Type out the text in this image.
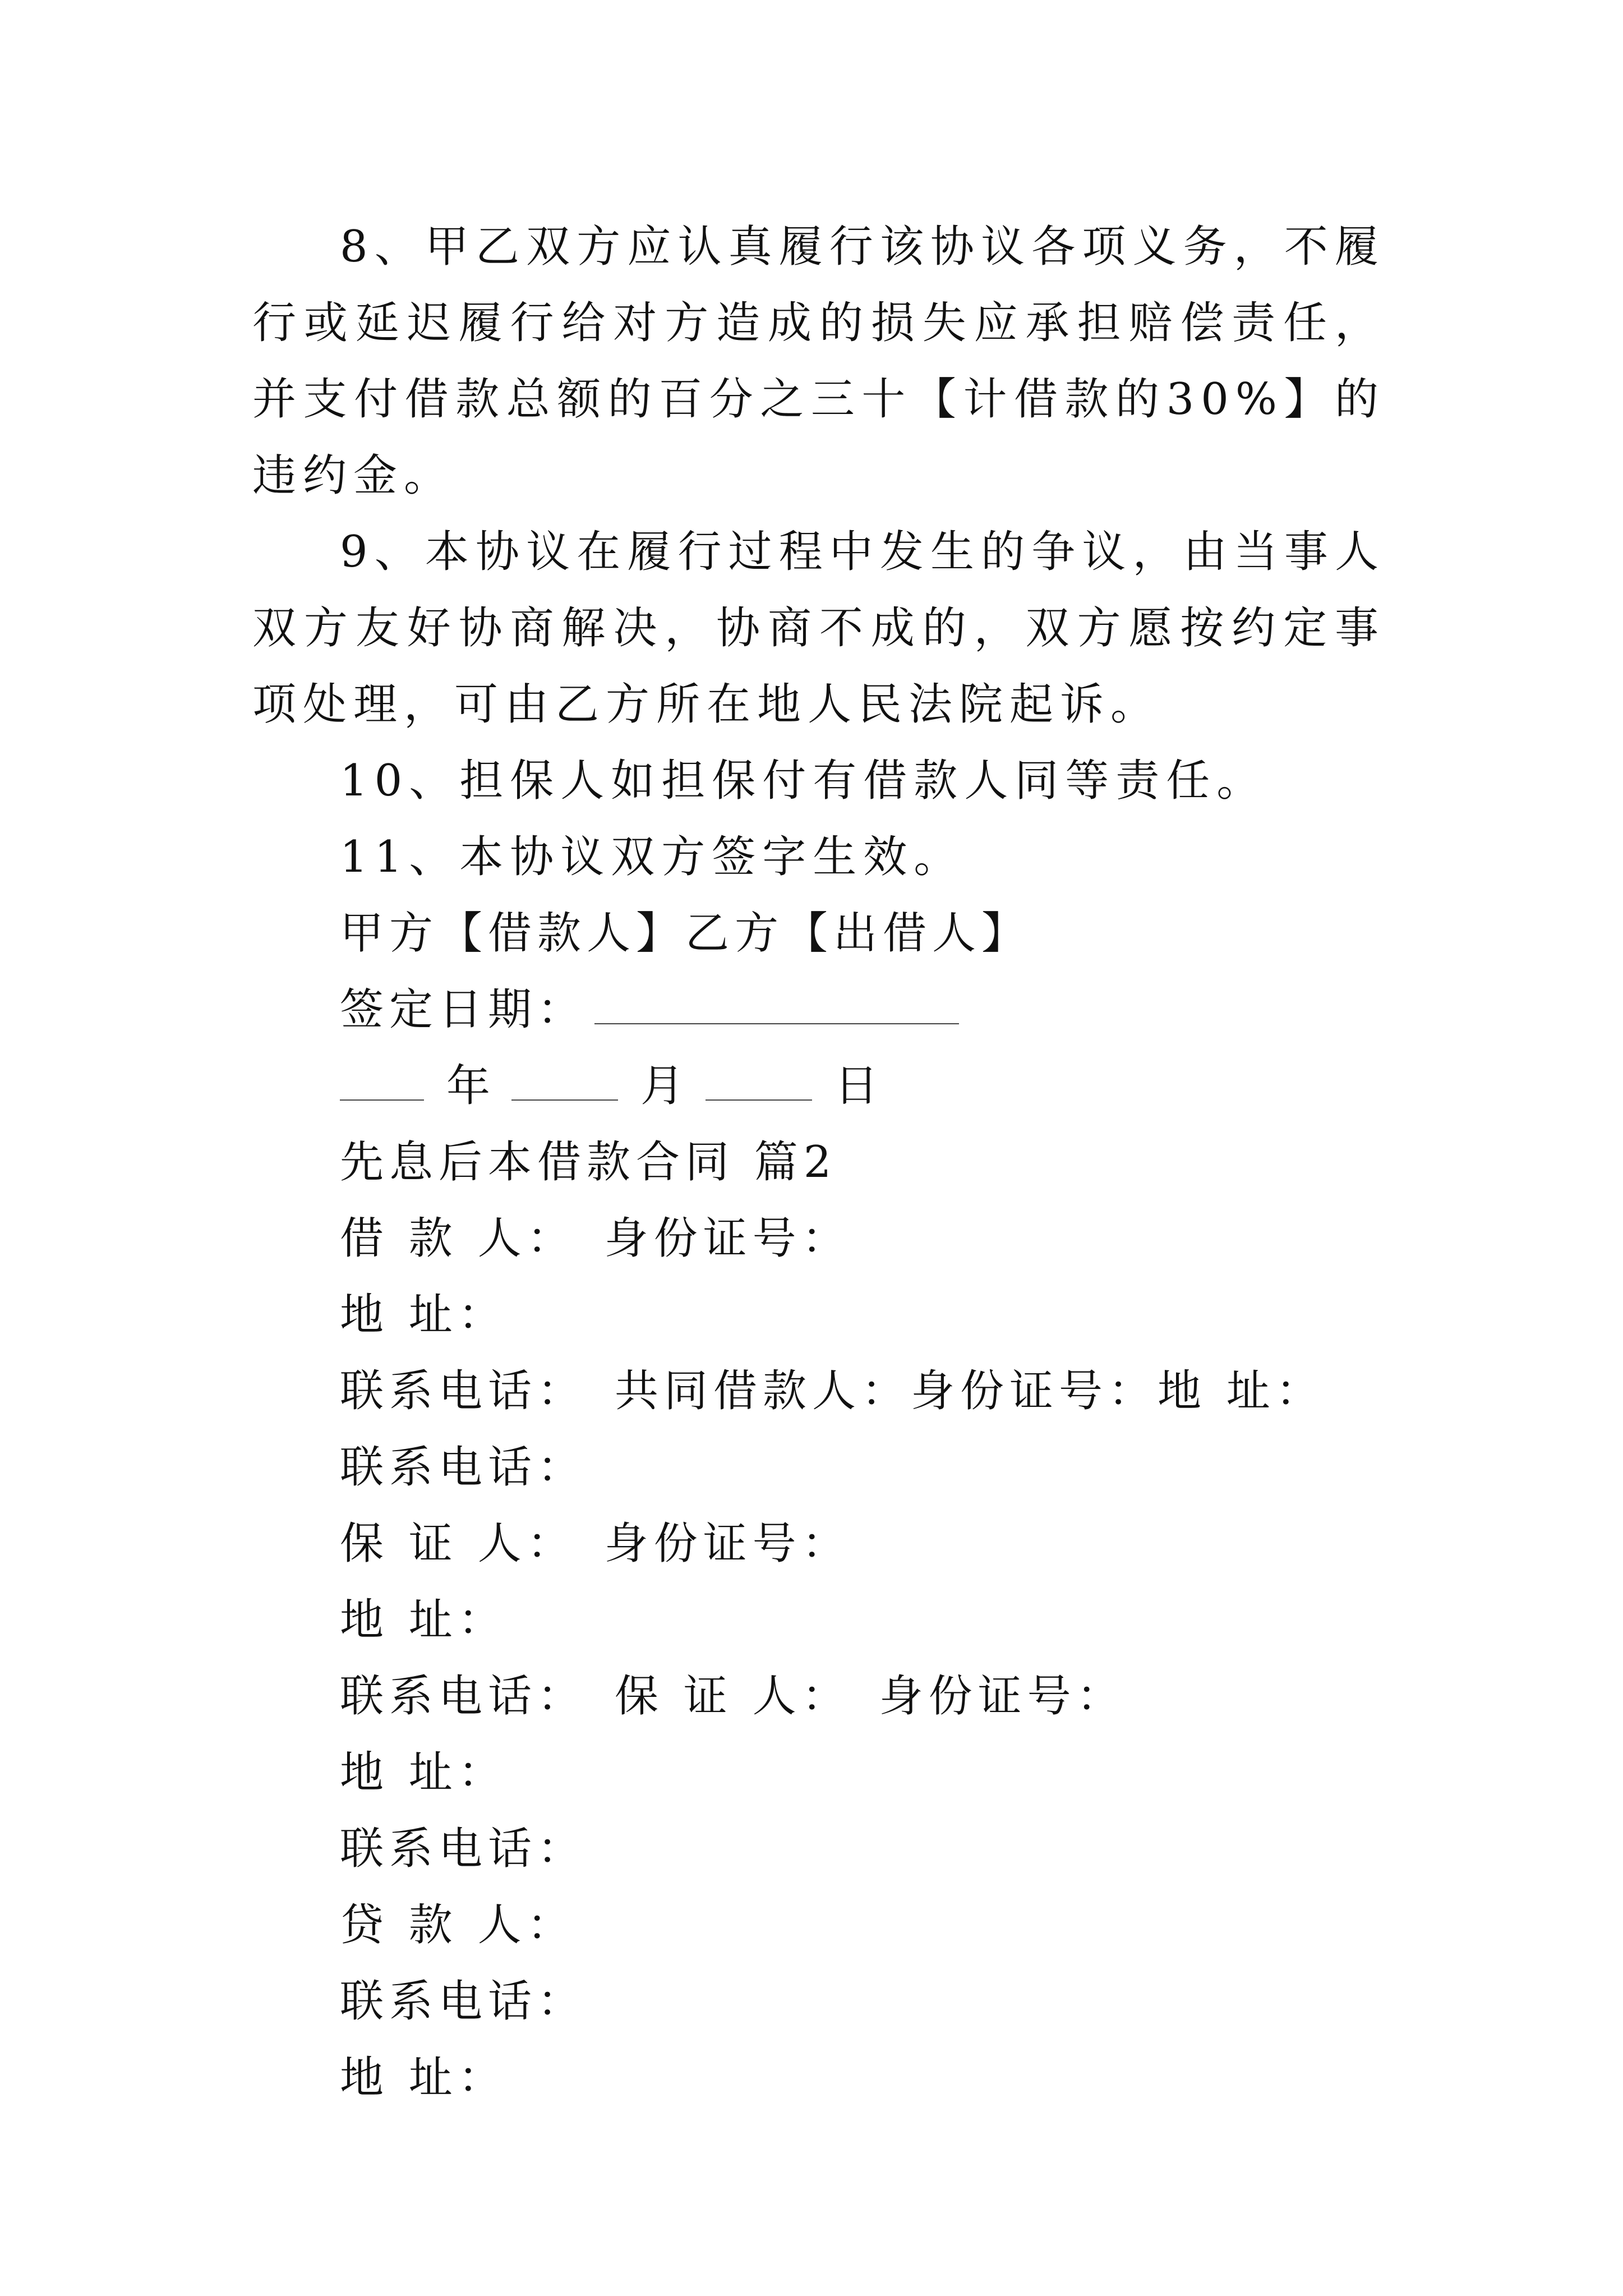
8、甲乙双方应认真履行该协议各项义务，不履行或延迟履行给对方造成的损失应承担赔偿责任，并支付借款总额的百分之三十【计借款的30%】的违约金。

9、本协议在履行过程中发生的争议，由当事人双方友好协商解决，协商不成的，双方愿按约定事项处理，可由乙方所在地人民法院起诉。

10、担保人如担保付有借款人同等责任。

11、本协议双方签字生效。

甲方【借款人】乙方【出借人】

签定日期：

年	月	日

先息后本借款合同 篇2

借 款 人： 身份证号：

地 址：

联系电话： 共同借款人：身份证号：地 址：

联系电话：

保 证 人： 身份证号：

地 址：

联系电话： 保 证 人： 身份证号：

地 址：

联系电话：

贷 款 人：

联系电话：

地 址：
